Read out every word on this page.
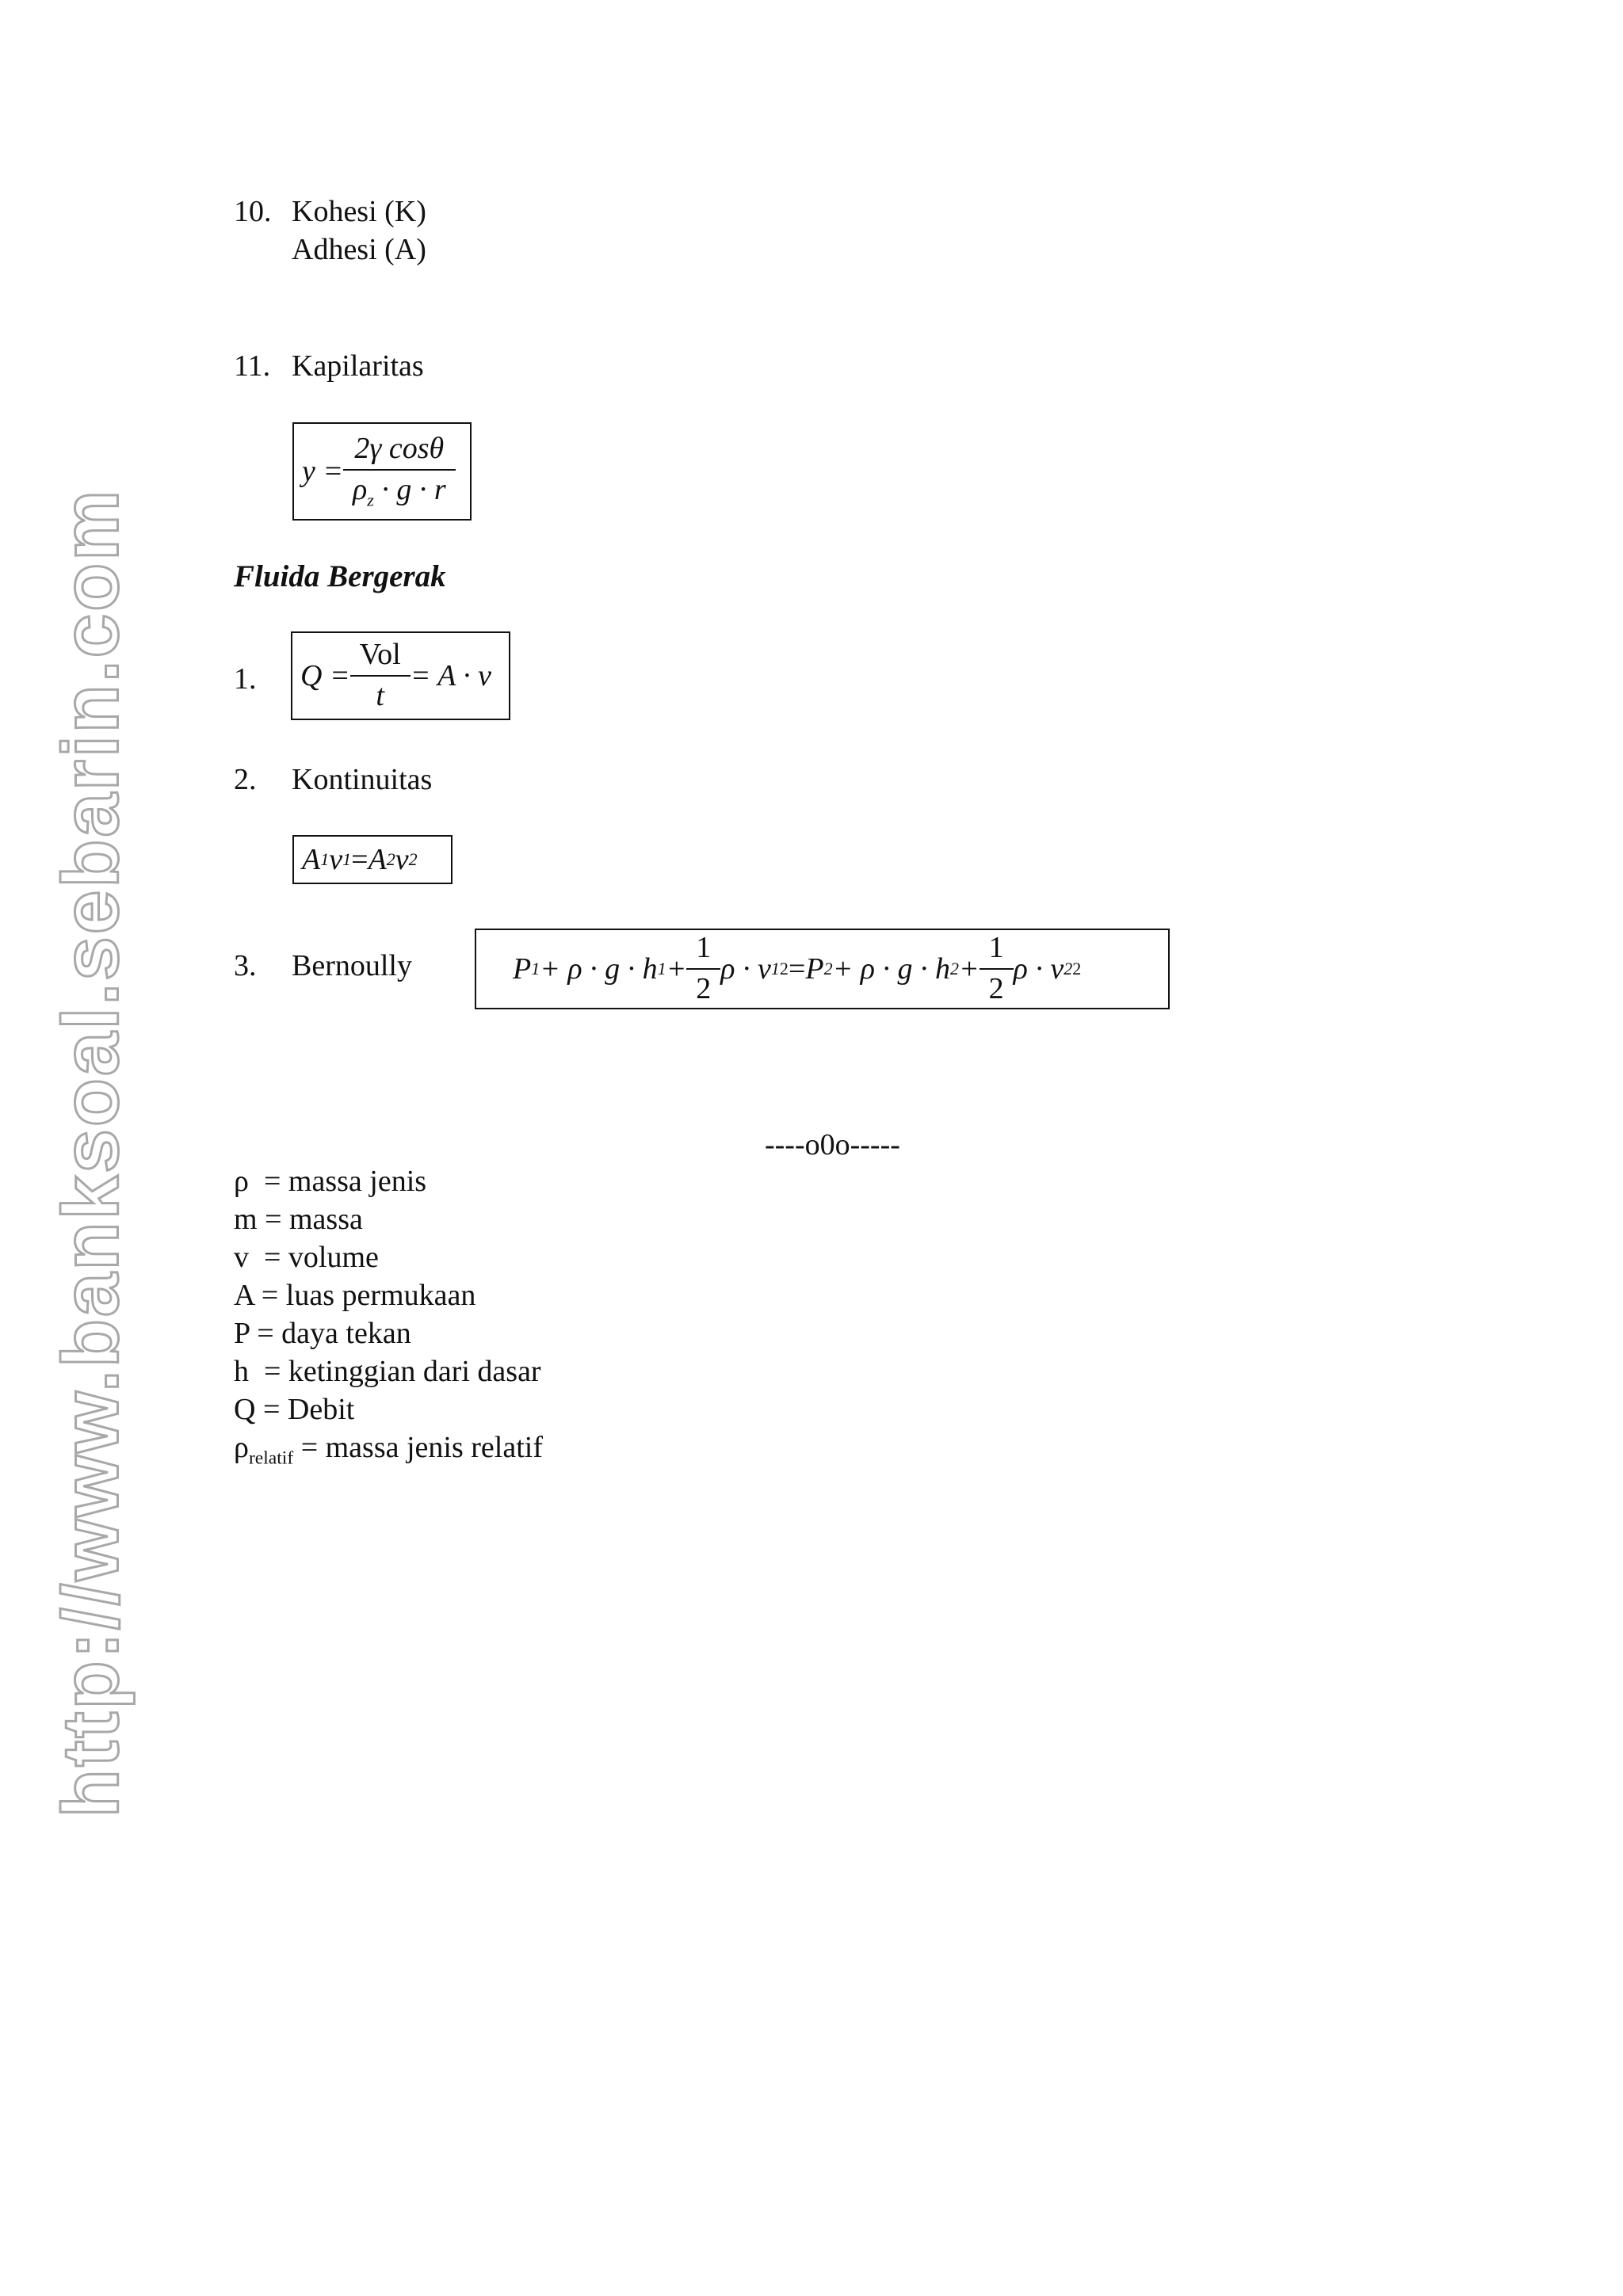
http://www.banksoal.sebarin.com
10. Kohesi (K)
Adhesi (A)
11. Kapilaritas
$y = \frac{\text{2γ cosθ}}{\rho_z \cdot g \cdot r}$
Fluida Bergerak
1. $Q = \frac{\text{Vol}}{t} = A \cdot v$
2. Kontinuitas
A 1 v 1 = A 2 v 2
3. Bernoully	P 1 + ρ · g · h $1 + \frac{1}{2}$ ρ · v 1 2 = P 2 + ρ · g · h $2 + \frac{1}{2}$ ρ · v 2 2
----o0o-----
ρ  = massa jenis
m = massa
v  = volume
A = luas permukaan
P = daya tekan
h  = ketinggian dari dasar
Q = Debit
$\rho_{relatif}$ = massa jenis relatif
